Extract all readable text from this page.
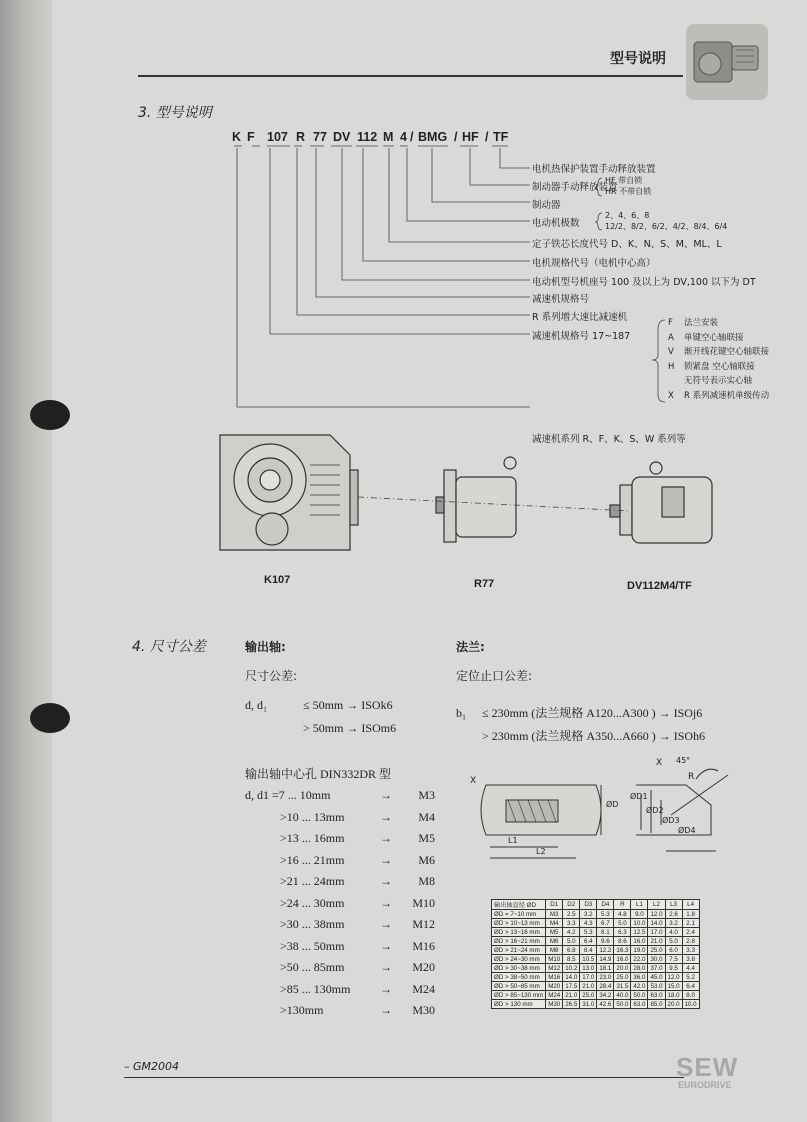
型号说明
3. 型号说明
K F 107 R 77 DV 112 M 4 / BMG / HF / TF
电机热保护装置手动释放装置
制动器手动释放装置
HF 带自锁
HR 不带自锁
制动器
电动机极数
2、4、6、8
12/2、8/2、6/2、4/2、8/4、6/4
定子铁芯长度代号 D、K、N、S、M、ML、L
电机规格代号（电机中心高）
电动机型号机座号 100 及以上为 DV,100 以下为 DT
减速机规格号
R 系列增大速比减速机
减速机规格号 17~187
减速机系列 R、F、K、S、W 系列等
F 法兰安装
A 单键空心轴联接
V 渐开线花键空心轴联接
H 锁紧盘 空心轴联接
无符号表示实心轴
X R 系列减速机单级传动
K107	R77	DV112M4/TF
4. 尺寸公差	输出轴:
尺寸公差:
d, d₁	≤ 50mm → ISOk6
> 50mm → ISOm6
输出轴中心孔 DIN332DR 型
d, d1 =7 ... 10mm	→ M3
>10 ... 13mm	→ M4
>13 ... 16mm	→ M5
>16 ... 21mm	→ M6
>21 ... 24mm	→ M8
>24 ... 30mm	→ M10
>30 ... 38mm	→ M12
>38 ... 50mm	→ M16
>50 ... 85mm	→ M20
>85 ... 130mm → M24
>130mm	→ M30
法兰:
定位止口公差:
b₁ ≤ 230mm (法兰规格 A120...A300 ) → ISOj6
> 230mm (法兰规格 A350...A660 ) → ISOh6
X
ØD
ØD1
ØD2
ØD3
ØD4
L1
L2
45°
R
X
输出轴直径 ØD	D1	D2	D3	D4	R	L1	L2	L3	L4
ØD = 7~10 mm	M3	2.5	3.2	5.3	4.8	9.0	12.0	2.6	1.8
ØD > 10~13 mm	M4	3.3	4.3	6.7	5.0	10.0	14.0	3.2	2.1
ØD > 13~16 mm	M5	4.2	5.3	8.1	6.3	12.5	17.0	4.0	2.4
ØD > 16~21 mm	M6	5.0	6.4	9.6	8.6	16.0	21.0	5.0	2.8
ØD > 21~24 mm	M8	6.8	8.4	12.2	16.3	19.0	25.0	6.0	3.3
ØD > 24~30 mm	M10	8.5	10.5	14.9	16.0	22.0	30.0	7.5	3.8
ØD > 30~38 mm	M12	10.2	13.0	18.1	20.0	28.0	37.0	9.5	4.4
ØD > 38~50 mm	M16	14.0	17.0	23.0	25.0	36.0	45.0	12.0	5.2
ØD > 50~85 mm	M20	17.5	21.0	28.4	31.5	42.0	53.0	15.0	6.4
ØD > 85~130 mm	M24	21.0	25.0	34.2	40.0	50.0	63.0	18.0	8.0
ØD > 130 mm	M30	26.5	31.0	42.6	50.0	63.0	85.0	20.0	10.0
– GM2004	SEW
EURODRIVE
